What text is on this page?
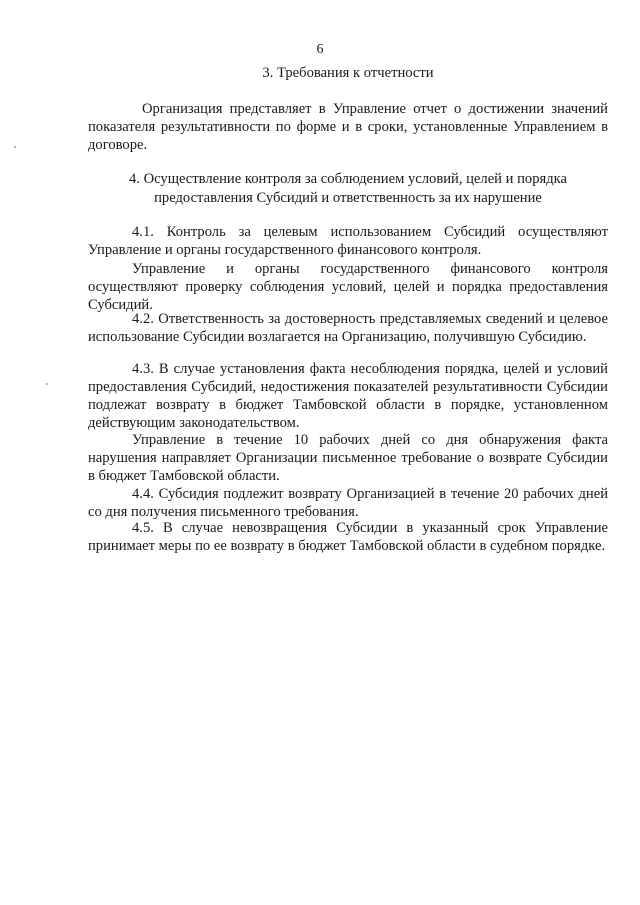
6
3. Требования к отчетности

Организация представляет в Управление отчет о достижении значений показателя результативности по форме и в сроки, установленные Управлением в договоре.

4. Осуществление контроля за соблюдением условий, целей и порядка предоставления Субсидий и ответственность за их нарушение

4.1. Контроль за целевым использованием Субсидий осуществляют Управление и органы государственного финансового контроля.

Управление и органы государственного финансового контроля осуществляют проверку соблюдения условий, целей и порядка предоставления Субсидий.

4.2. Ответственность за достоверность представляемых сведений и целевое использование Субсидии возлагается на Организацию, получившую Субсидию.

4.3. В случае установления факта несоблюдения порядка, целей и условий предоставления Субсидий, недостижения показателей результативности Субсидии подлежат возврату в бюджет Тамбовской области в порядке, установленном действующим законодательством.

Управление в течение 10 рабочих дней со дня обнаружения факта нарушения направляет Организации письменное требование о возврате Субсидии в бюджет Тамбовской области.

4.4. Субсидия подлежит возврату Организацией в течение 20 рабочих дней со дня получения письменного требования.

4.5. В случае невозвращения Субсидии в указанный срок Управление принимает меры по ее возврату в бюджет Тамбовской области в судебном порядке.
